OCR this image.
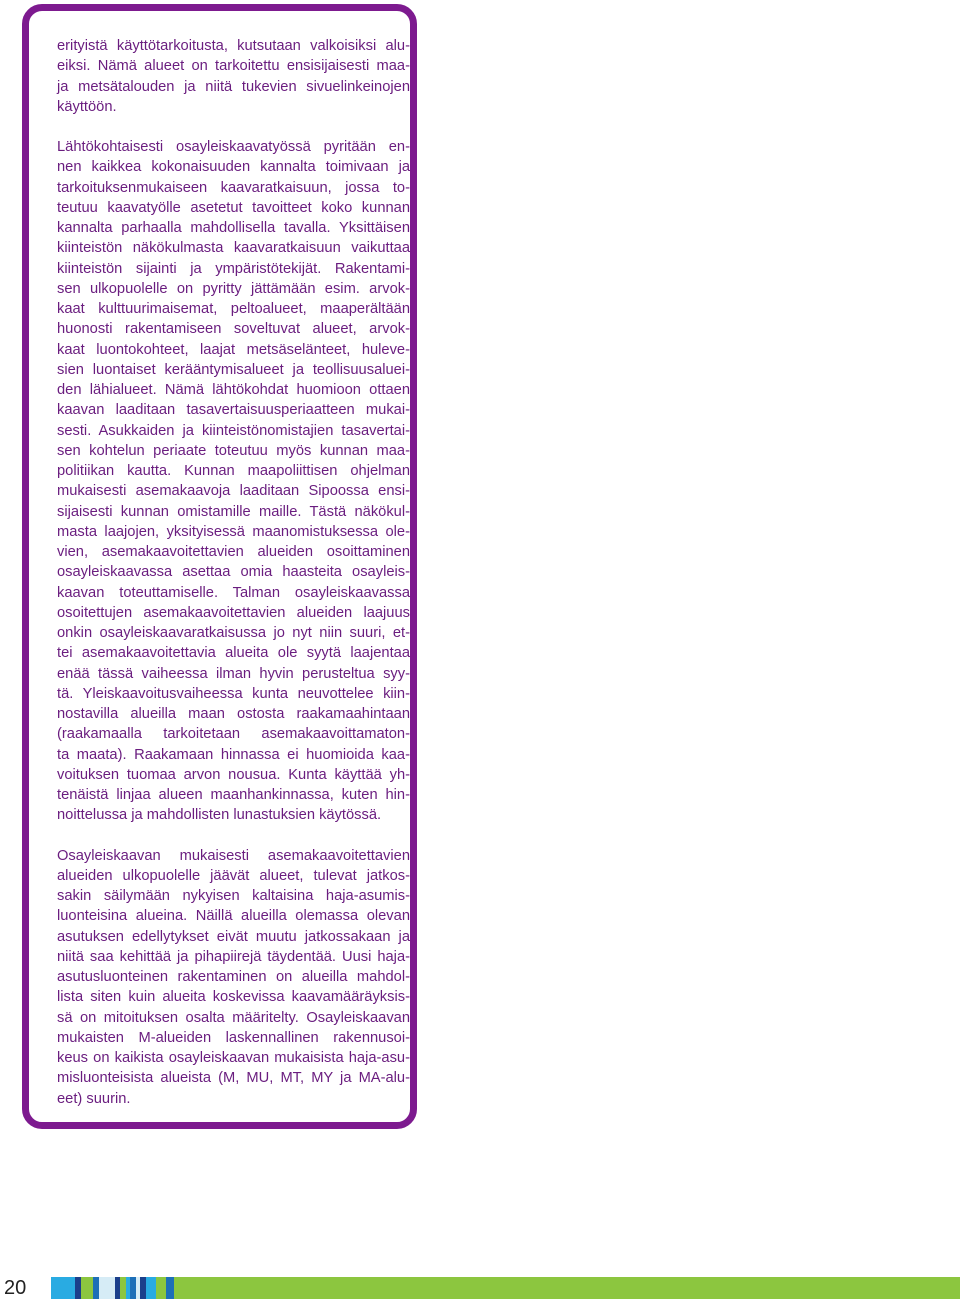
erityistä käyttötarkoitusta, kutsutaan valkoisiksi alu-
eiksi. Nämä alueet on tarkoitettu ensisijaisesti maa-
ja metsätalouden ja niitä tukevien sivuelinkeinojen
käyttöön.
Lähtökohtaisesti osayleiskaavatyössä pyritään en-
nen kaikkea kokonaisuuden kannalta toimivaan ja
tarkoituksenmukaiseen kaavaratkaisuun, jossa to-
teutuu kaavatyölle asetetut tavoitteet koko kunnan
kannalta parhaalla mahdollisella tavalla. Yksittäisen
kiinteistön näkökulmasta kaavaratkaisuun vaikuttaa
kiinteistön sijainti ja ympäristötekijät. Rakentami-
sen ulkopuolelle on pyritty jättämään esim. arvok-
kaat kulttuurimaisemat, peltoalueet, maaperältään
huonosti rakentamiseen soveltuvat alueet, arvok-
kaat luontokohteet, laajat metsäselänteet, huleve-
sien luontaiset kerääntymisalueet ja teollisuusaluei-
den lähialueet. Nämä lähtökohdat huomioon ottaen
kaavan laaditaan tasavertaisuusperiaatteen mukai-
sesti. Asukkaiden ja kiinteistönomistajien tasavertai-
sen kohtelun periaate toteutuu myös kunnan maa-
politiikan kautta. Kunnan maapoliittisen ohjelman
mukaisesti asemakaavoja laaditaan Sipoossa ensi-
sijaisesti kunnan omistamille maille. Tästä näkökul-
masta laajojen, yksityisessä maanomistuksessa ole-
vien, asemakaavoitettavien alueiden osoittaminen
osayleiskaavassa asettaa omia haasteita osayleis-
kaavan toteuttamiselle. Talman osayleiskaavassa
osoitettujen asemakaavoitettavien alueiden laajuus
onkin osayleiskaavaratkaisussa jo nyt niin suuri, et-
tei asemakaavoitettavia alueita ole syytä laajentaa
enää tässä vaiheessa ilman hyvin perusteltua syy-
tä. Yleiskaavoitusvaiheessa kunta neuvottelee kiin-
nostavilla alueilla maan ostosta raakamaahintaan
(raakamaalla tarkoitetaan asemakaavoittamaton-
ta maata). Raakamaan hinnassa ei huomioida kaa-
voituksen tuomaa arvon nousua. Kunta käyttää yh-
tenäistä linjaa alueen maanhankinnassa, kuten hin-
noittelussa ja mahdollisten lunastuksien käytössä.
Osayleiskaavan mukaisesti asemakaavoitettavien
alueiden ulkopuolelle jäävät alueet, tulevat jatkos-
sakin säilymään nykyisen kaltaisina haja-asumis-
luonteisina alueina. Näillä alueilla olemassa olevan
asutuksen edellytykset eivät muutu jatkossakaan ja
niitä saa kehittää ja pihapiirejä täydentää. Uusi haja-
asutusluonteinen rakentaminen on alueilla mahdol-
lista siten kuin alueita koskevissa kaavamääräyksis-
sä on mitoituksen osalta määritelty. Osayleiskaavan
mukaisten M-alueiden laskennallinen rakennusoi-
keus on kaikista osayleiskaavan mukaisista haja-asu-
misluonteisista alueista (M, MU, MT, MY ja MA-alu-
eet) suurin.
20
